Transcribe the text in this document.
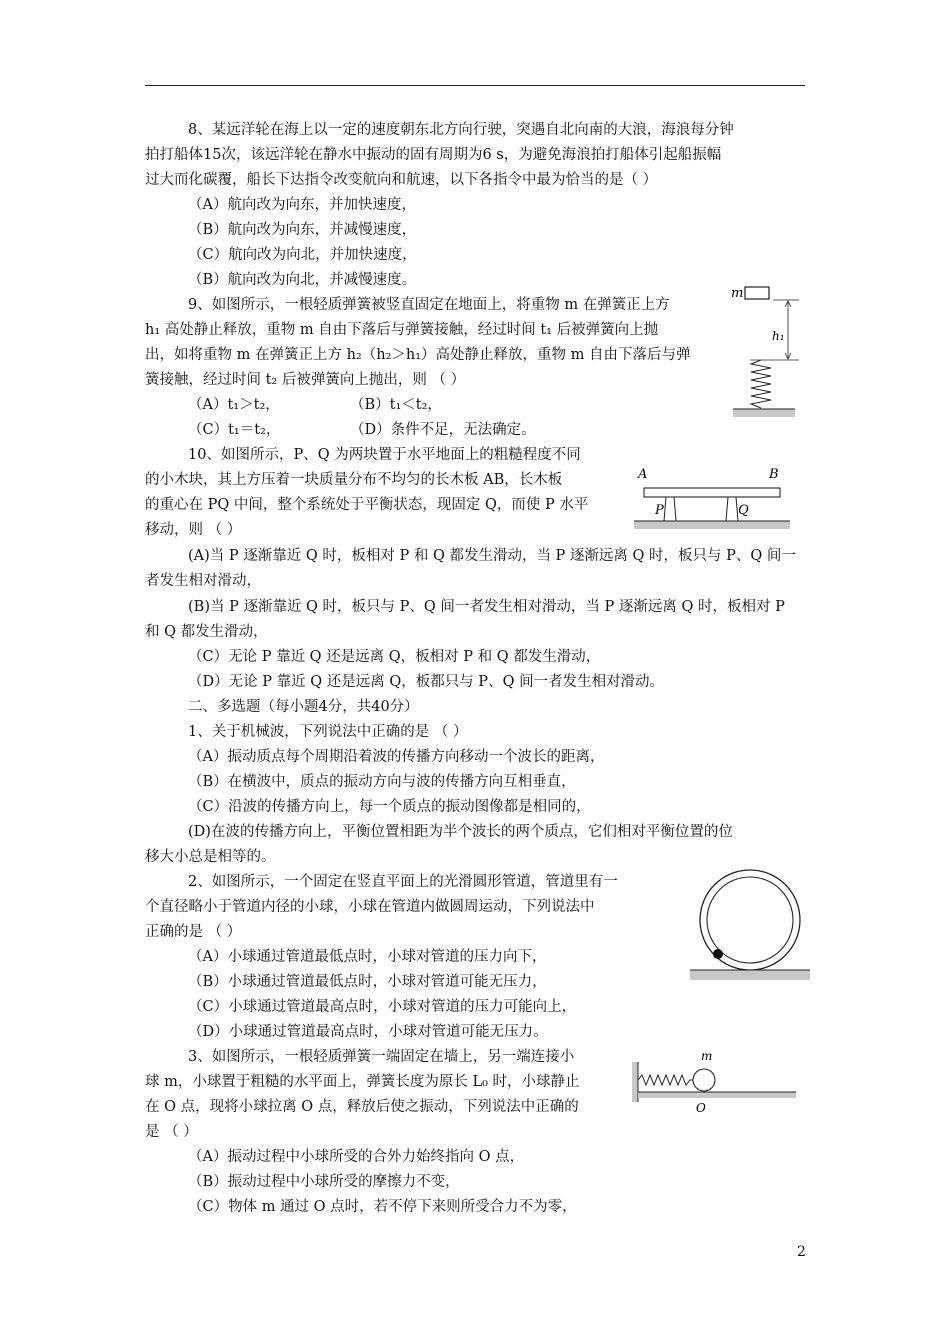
8、某远洋轮在海上以一定的速度朝东北方向行驶，突遇自北向南的大浪，海浪每分钟
拍打船体15次，该远洋轮在静水中振动的固有周期为6 s，为避免海浪拍打船体引起船振幅
过大而化碳覆，船长下达指令改变航向和航速，以下各指令中最为恰当的是（ ）
（A）航向改为向东，并加快速度，
（B）航向改为向东，并减慢速度，
（C）航向改为向北，并加快速度，
（B）航向改为向北，并减慢速度。
9、如图所示，一根轻质弹簧被竖直固定在地面上，将重物 m 在弹簧正上方
h₁ 高处静止释放，重物 m 自由下落后与弹簧接触，经过时间 t₁ 后被弹簧向上抛
出，如将重物 m 在弹簧正上方 h₂（h₂＞h₁）高处静止释放，重物 m 自由下落后与弹
簧接触，经过时间 t₂ 后被弹簧向上抛出，则 （ ）
（A）t₁＞t₂，	（B）t₁＜t₂，
（C）t₁＝t₂，	（D）条件不足，无法确定。
10、如图所示，P、Q 为两块置于水平地面上的粗糙程度不同
的小木块，其上方压着一块质量分布不均匀的长木板 AB，长木板
的重心在 PQ 中间，整个系统处于平衡状态，现固定 Q，而使 P 水平
移动，则 （ ）
(A)当 P 逐渐靠近 Q 时，板相对 P 和 Q 都发生滑动，当 P 逐渐远离 Q 时，板只与 P、Q 间一
者发生相对滑动，
(B)当 P 逐渐靠近 Q 时，板只与 P、Q 间一者发生相对滑动，当 P 逐渐远离 Q 时，板相对 P
和 Q 都发生滑动，
（C）无论 P 靠近 Q 还是远离 Q，板相对 P 和 Q 都发生滑动，
（D）无论 P 靠近 Q 还是远离 Q，板都只与 P、Q 间一者发生相对滑动。
二、多选题（每小题4分，共40分）
1、关于机械波，下列说法中正确的是 （ ）
（A）振动质点每个周期沿着波的传播方向移动一个波长的距离，
（B）在横波中，质点的振动方向与波的传播方向互相垂直，
（C）沿波的传播方向上，每一个质点的振动图像都是相同的，
(D)在波的传播方向上，平衡位置相距为半个波长的两个质点，它们相对平衡位置的位
移大小总是相等的。
2、如图所示，一个固定在竖直平面上的光滑圆形管道，管道里有一
个直径略小于管道内径的小球，小球在管道内做圆周运动，下列说法中
正确的是 （ ）
（A）小球通过管道最低点时，小球对管道的压力向下，
（B）小球通过管道最低点时，小球对管道可能无压力，
（C）小球通过管道最高点时，小球对管道的压力可能向上，
（D）小球通过管道最高点时，小球对管道可能无压力。
3、如图所示，一根轻质弹簧一端固定在墙上，另一端连接小
球 m，小球置于粗糙的水平面上，弹簧长度为原长 L₀ 时，小球静止
在 O 点，现将小球拉离 O 点，释放后使之振动，下列说法中正确的
是 （ ）
（A）振动过程中小球所受的合外力始终指向 O 点，
（B）振动过程中小球所受的摩擦力不变，
（C）物体 m 通过 O 点时，若不停下来则所受合力不为零，
m
h₁
A	B
P	Q
m
O
2
